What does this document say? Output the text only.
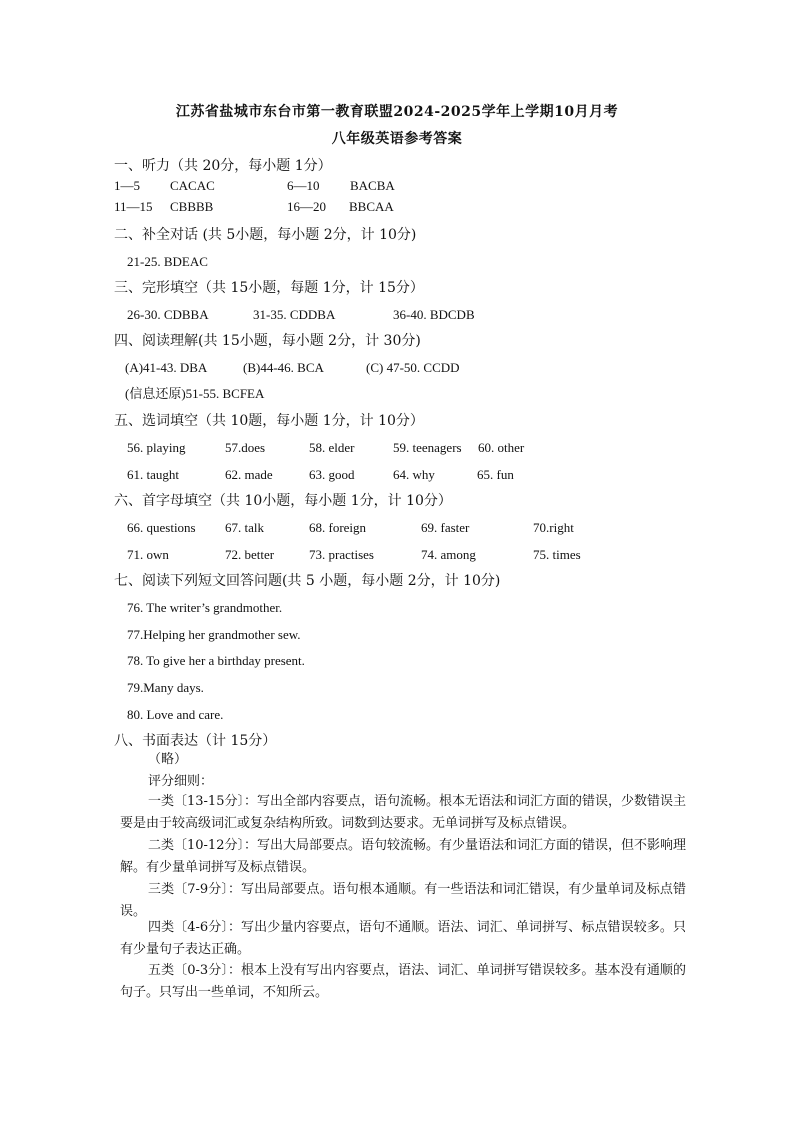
江苏省盐城市东台市第一教育联盟2024-2025学年上学期10月月考
八年级英语参考答案
一、听力（共 20分，每小题 1分）
1—5 CACAC	6—10 BACBA
11—15 CBBBB	16—20 BBCAA
二、补全对话 (共 5小题，每小题 2分，计 10分)
21-25. BDEAC
三、完形填空（共 15小题，每题 1分，计 15分）
26-30. CDBBA	31-35. CDDBA	36-40. BDCDB
四、阅读理解(共 15小题，每小题 2分，计 30分)
(A)41-43. DBA	(B)44-46. BCA	(C) 47-50. CCDD
(信息还原)51-55. BCFEA
五、选词填空（共 10题，每小题 1分，计 10分）
56. playing	57.does	58. elder	59. teenagers 60. other
61. taught	62. made	63. good	64. why	65. fun
六、首字母填空（共 10小题，每小题 1分，计 10分）
66. questions 67. talk	68. foreign	69. faster	70.right
71. own	72. better	73. practises	74. among	75. times
七、阅读下列短文回答问题(共 5 小题，每小题 2分，计 10分)
76. The writer’s grandmother.
77.Helping her grandmother sew.
78. To give her a birthday present.
79.Many days.
80. Love and care.
八、书面表达（计 15分）
（略）
评分细则：
一类〔13-15分〕：写出全部内容要点，语句流畅。根本无语法和词汇方面的错误，少数错误主要是由于较高级词汇或复杂结构所致。词数到达要求。无单词拼写及标点错误。
二类〔10-12分〕：写出大局部要点。语句较流畅。有少量语法和词汇方面的错误，但不影响理解。有少量单词拼写及标点错误。
三类〔7-9分〕：写出局部要点。语句根本通顺。有一些语法和词汇错误，有少量单词及标点错误。
四类〔4-6分〕：写出少量内容要点，语句不通顺。语法、词汇、单词拼写、标点错误较多。只有少量句子表达正确。
五类〔0-3分〕：根本上没有写出内容要点，语法、词汇、单词拼写错误较多。基本没有通顺的句子。只写出一些单词，不知所云。
